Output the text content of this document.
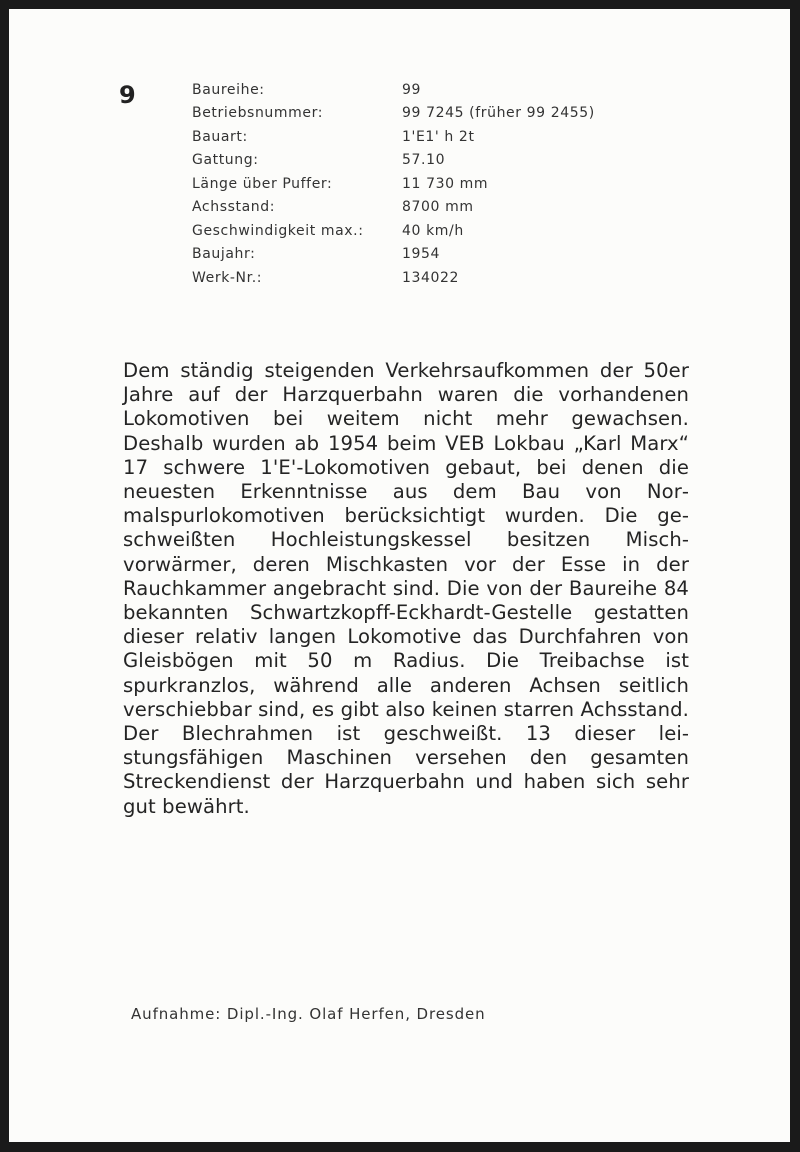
9	Baureihe:	99
Betriebsnummer:	99 7245 (früher 99 2455)
Bauart:	1'E1' h 2t
Gattung:	57.10
Länge über Puffer:	11 730 mm
Achsstand:	8700 mm
Geschwindigkeit max.:	40 km/h
Baujahr:	1954
Werk-Nr.:	134022

Dem ständig steigenden Verkehrsaufkommen der 50er Jahre auf der Harzquerbahn waren die vorhandenen Lokomotiven bei weitem nicht mehr gewachsen. Deshalb wurden ab 1954 beim VEB Lokbau „Karl Marx“ 17 schwere 1'E'-Lokomotiven gebaut, bei denen die neuesten Erkenntnisse aus dem Bau von Normalspurlokomotiven berücksichtigt wurden. Die geschweißten Hochleistungskessel besitzen Mischvorwärmer, deren Mischkasten vor der Esse in der Rauchkammer angebracht sind. Die von der Baureihe 84 bekannten Schwartzkopff-Eckhardt-Gestelle gestatten dieser relativ langen Lokomotive das Durchfahren von Gleisbögen mit 50 m Radius. Die Treibachse ist spurkranzlos, während alle anderen Achsen seitlich verschiebbar sind, es gibt also keinen starren Achsstand. Der Blechrahmen ist geschweißt. 13 dieser leistungsfähigen Maschinen versehen den gesamten Streckendienst der Harzquerbahn und haben sich sehr gut bewährt.

Aufnahme: Dipl.-Ing. Olaf Herfen, Dresden
